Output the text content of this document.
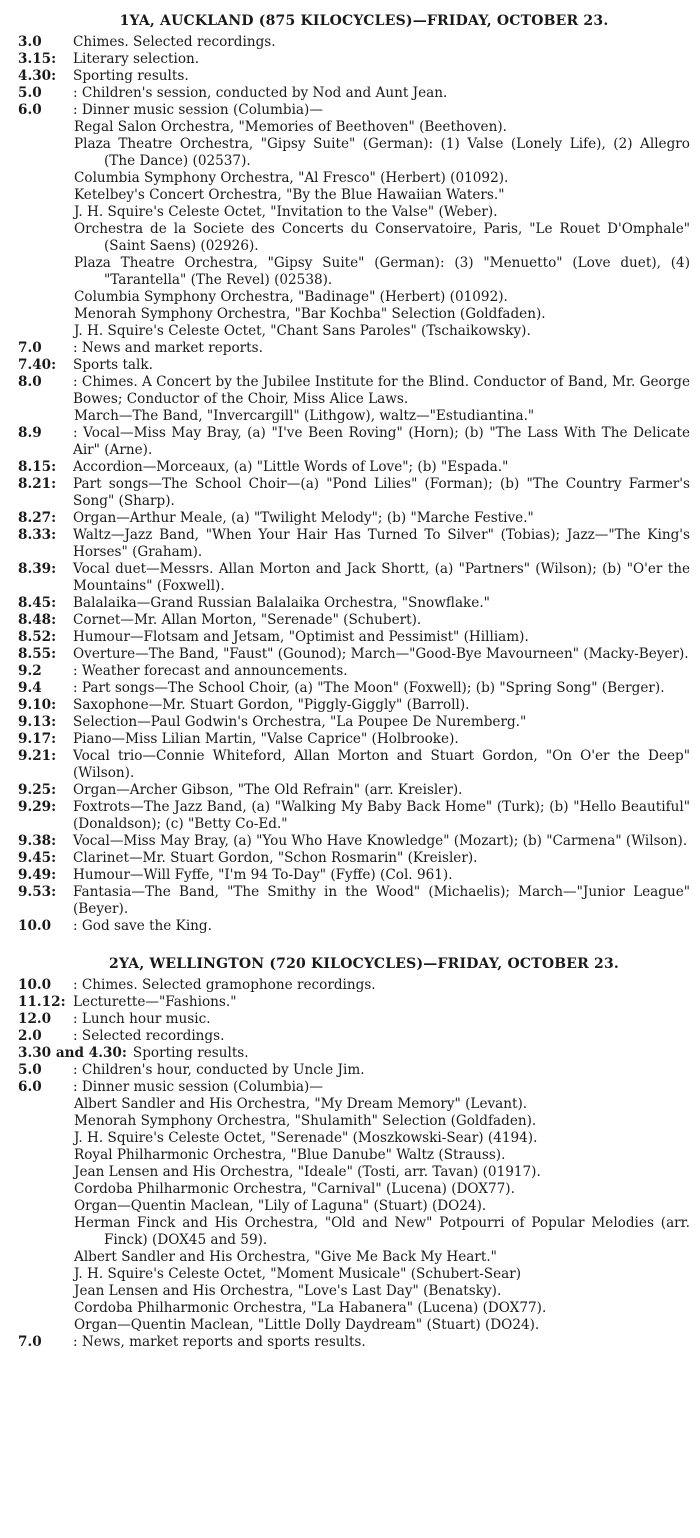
1YA, AUCKLAND (875 KILOCYCLES)—FRIDAY, OCTOBER 23.
3.0	Chimes. Selected recordings.
3.15:	Literary selection.
4.30:	Sporting results.
5.0	: Children's session, conducted by Nod and Aunt Jean.
6.0	: Dinner music session (Columbia)—
Regal Salon Orchestra, "Memories of Beethoven" (Beethoven).
Plaza Theatre Orchestra, "Gipsy Suite" (German): (1) Valse (Lonely Life), (2) Allegro (The Dance) (02537).
Columbia Symphony Orchestra, "Al Fresco" (Herbert) (01092).
Ketelbey's Concert Orchestra, "By the Blue Hawaiian Waters."
J. H. Squire's Celeste Octet, "Invitation to the Valse" (Weber).
Orchestra de la Societe des Concerts du Conservatoire, Paris, "Le Rouet D'Omphale" (Saint Saens) (02926).
Plaza Theatre Orchestra, "Gipsy Suite" (German): (3) "Menuetto" (Love duet), (4) "Tarantella" (The Revel) (02538).
Columbia Symphony Orchestra, "Badinage" (Herbert) (01092).
Menorah Symphony Orchestra, "Bar Kochba" Selection (Goldfaden).
J. H. Squire's Celeste Octet, "Chant Sans Paroles" (Tschaikowsky).
7.0	: News and market reports.
7.40:	Sports talk.
8.0	: Chimes. A Concert by the Jubilee Institute for the Blind. Conductor of Band, Mr. George Bowes; Conductor of the Choir, Miss Alice Laws.
March—The Band, "Invercargill" (Lithgow), waltz—"Estudiantina."
8.9	: Vocal—Miss May Bray, (a) "I've Been Roving" (Horn); (b) "The Lass With The Delicate Air" (Arne).
8.15:	Accordion—Morceaux, (a) "Little Words of Love"; (b) "Espada."
8.21:	Part songs—The School Choir—(a) "Pond Lilies" (Forman); (b) "The Country Farmer's Song" (Sharp).
8.27:	Organ—Arthur Meale, (a) "Twilight Melody"; (b) "Marche Festive."
8.33:	Waltz—Jazz Band, "When Your Hair Has Turned To Silver" (Tobias); Jazz—"The King's Horses" (Graham).
8.39:	Vocal duet—Messrs. Allan Morton and Jack Shortt, (a) "Partners" (Wilson); (b) "O'er the Mountains" (Foxwell).
8.45:	Balalaika—Grand Russian Balalaika Orchestra, "Snowflake."
8.48:	Cornet—Mr. Allan Morton, "Serenade" (Schubert).
8.52:	Humour—Flotsam and Jetsam, "Optimist and Pessimist" (Hilliam).
8.55:	Overture—The Band, "Faust" (Gounod); March—"Good-Bye Mavourneen" (Macky-Beyer).
9.2	: Weather forecast and announcements.
9.4	: Part songs—The School Choir, (a) "The Moon" (Foxwell); (b) "Spring Song" (Berger).
9.10:	Saxophone—Mr. Stuart Gordon, "Piggly-Giggly" (Barroll).
9.13:	Selection—Paul Godwin's Orchestra, "La Poupee De Nuremberg."
9.17:	Piano—Miss Lilian Martin, "Valse Caprice" (Holbrooke).
9.21:	Vocal trio—Connie Whiteford, Allan Morton and Stuart Gordon, "On O'er the Deep" (Wilson).
9.25:	Organ—Archer Gibson, "The Old Refrain" (arr. Kreisler).
9.29:	Foxtrots—The Jazz Band, (a) "Walking My Baby Back Home" (Turk); (b) "Hello Beautiful" (Donaldson); (c) "Betty Co-Ed."
9.38:	Vocal—Miss May Bray, (a) "You Who Have Knowledge" (Mozart); (b) "Carmena" (Wilson).
9.45:	Clarinet—Mr. Stuart Gordon, "Schon Rosmarin" (Kreisler).
9.49:	Humour—Will Fyffe, "I'm 94 To-Day" (Fyffe) (Col. 961).
9.53:	Fantasia—The Band, "The Smithy in the Wood" (Michaelis); March—"Junior League" (Beyer).
10.0	: God save the King.
2YA, WELLINGTON (720 KILOCYCLES)—FRIDAY, OCTOBER 23.
10.0	: Chimes. Selected gramophone recordings.
11.12: Lecturette—"Fashions."
12.0	: Lunch hour music.
2.0	: Selected recordings.
3.30 and 4.30: Sporting results.
5.0	: Children's hour, conducted by Uncle Jim.
6.0	: Dinner music session (Columbia)—
Albert Sandler and His Orchestra, "My Dream Memory" (Levant).
Menorah Symphony Orchestra, "Shulamith" Selection (Goldfaden).
J. H. Squire's Celeste Octet, "Serenade" (Moszkowski-Sear) (4194).
Royal Philharmonic Orchestra, "Blue Danube" Waltz (Strauss).
Jean Lensen and His Orchestra, "Ideale" (Tosti, arr. Tavan) (01917).
Cordoba Philharmonic Orchestra, "Carnival" (Lucena) (DOX77).
Organ—Quentin Maclean, "Lily of Laguna" (Stuart) (DO24).
Herman Finck and His Orchestra, "Old and New" Potpourri of Popular Melodies (arr. Finck) (DOX45 and 59).
Albert Sandler and His Orchestra, "Give Me Back My Heart."
J. H. Squire's Celeste Octet, "Moment Musicale" (Schubert-Sear)
Jean Lensen and His Orchestra, "Love's Last Day" (Benatsky).
Cordoba Philharmonic Orchestra, "La Habanera" (Lucena) (DOX77).
Organ—Quentin Maclean, "Little Dolly Daydream" (Stuart) (DO24).
7.0	: News, market reports and sports results.
